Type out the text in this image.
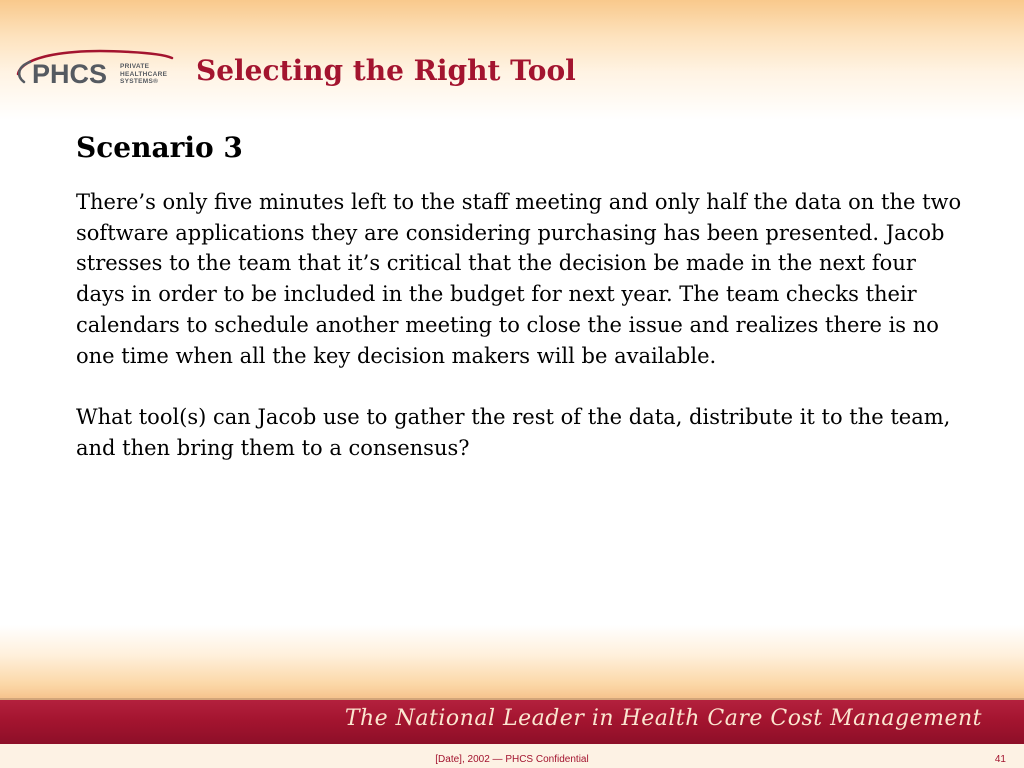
PHCS PRIVATE
HEALTHCARE
SYSTEMS®	Selecting the Right Tool
Scenario 3

There’s only five minutes left to the staff meeting and only half the data on the two software applications they are considering purchasing has been presented. Jacob stresses to the team that it’s critical that the decision be made in the next four days in order to be included in the budget for next year. The team checks their calendars to schedule another meeting to close the issue and realizes there is no one time when all the key decision makers will be available.

What tool(s) can Jacob use to gather the rest of the data, distribute it to the team, and then bring them to a consensus?

The National Leader in Health Care Cost Management
[Date], 2002 — PHCS Confidential	41
